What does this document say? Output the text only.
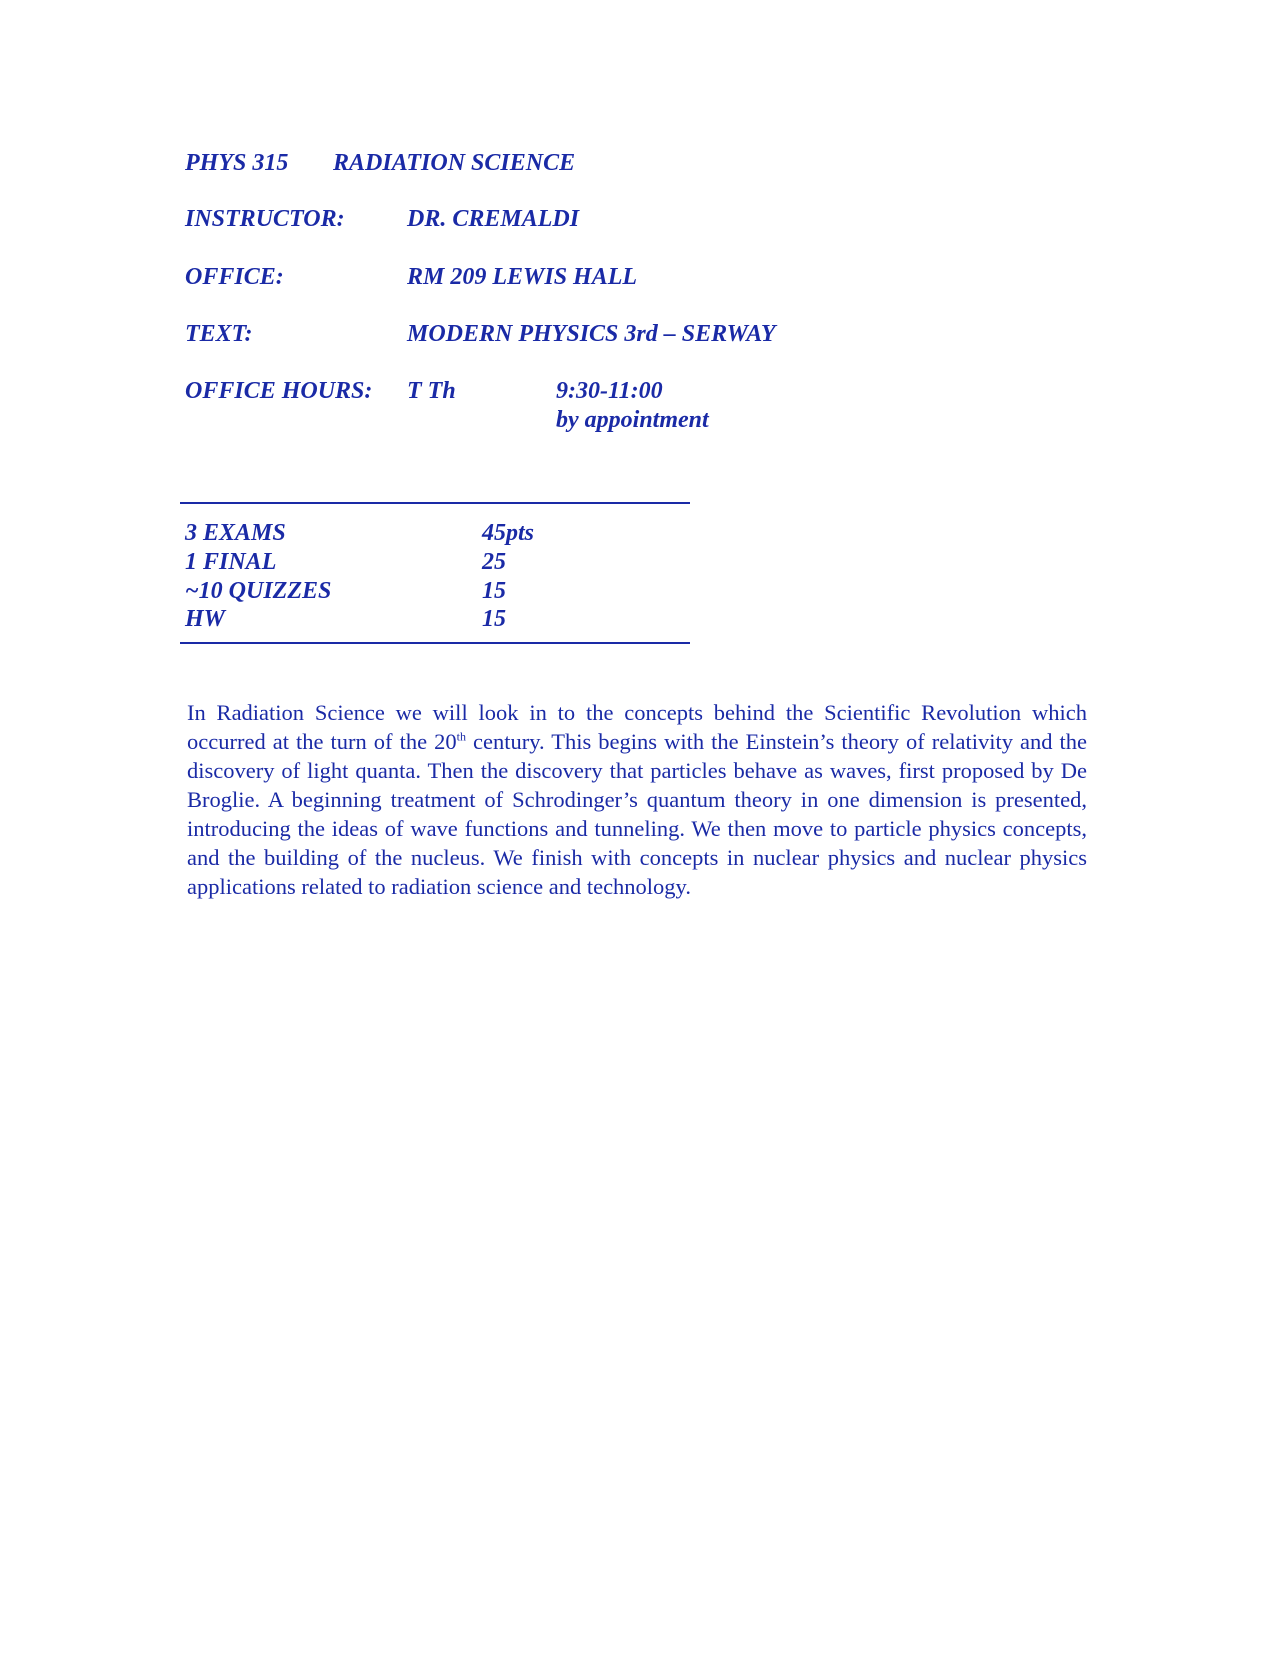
PHYS 315 RADIATION SCIENCE
INSTRUCTOR:	DR. CREMALDI
OFFICE:	RM 209 LEWIS HALL
TEXT:	MODERN PHYSICS 3rd – SERWAY
OFFICE HOURS: T Th	9:30-11:00
by appointment
3 EXAMS	45pts
1 FINAL	25
~10 QUIZZES	15
HW	15

In Radiation Science we will look in to the concepts behind the Scientific Revolution which occurred at the turn of the 20th century. This begins with the Einstein’s theory of relativity and the discovery of light quanta. Then the discovery that particles behave as waves, first proposed by De Broglie. A beginning treatment of Schrodinger’s quantum theory in one dimension is presented, introducing the ideas of wave functions and tunneling. We then move to particle physics concepts, and the building of the nucleus. We finish with concepts in nuclear physics and nuclear physics applications related to radiation science and technology.
